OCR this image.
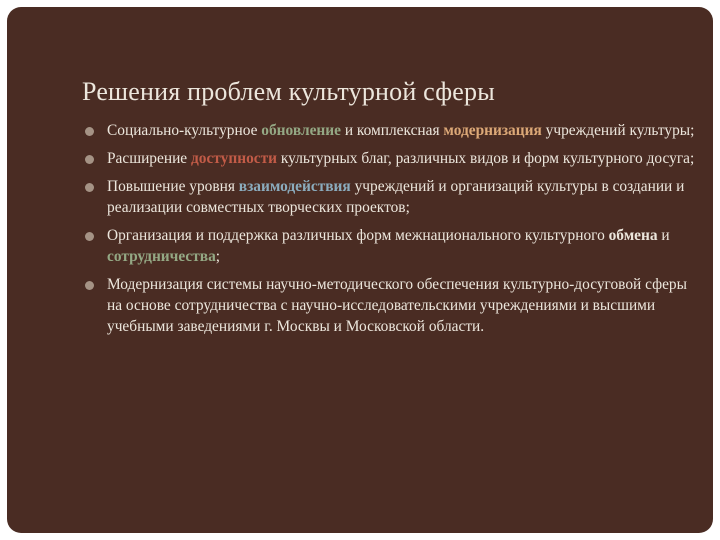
Решения проблем культурной сферы
Социально-культурное обновление и комплексная модернизация учреждений культуры;
Расширение доступности культурных благ, различных видов и форм культурного досуга;
Повышение уровня взаимодействия учреждений и организаций культуры в создании и реализации совместных творческих проектов;
Организация и поддержка различных форм межнационального культурного обмена и сотрудничества;
Модернизация системы научно-методического обеспечения культурно-досуговой сферы на основе сотрудничества с научно-исследовательскими учреждениями и высшими учебными заведениями г. Москвы и Московской области.
